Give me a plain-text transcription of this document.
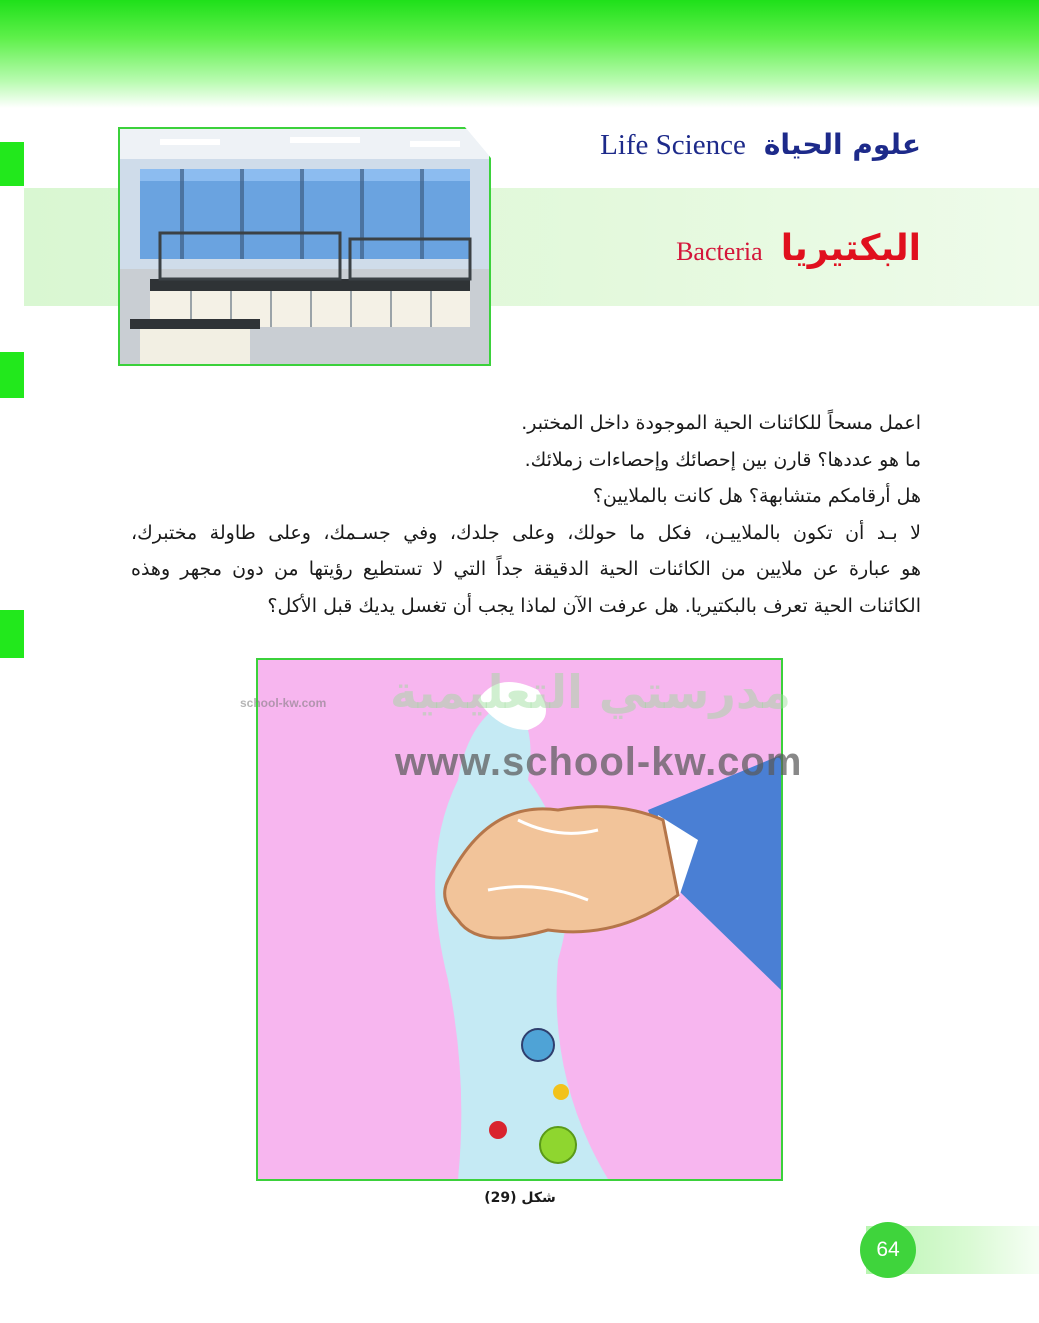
Life Science علوم الحياة
Bacteria البكتيريا

اعمل مسحاً للكائنات الحية الموجودة داخل المختبر.

ما هو عددها؟ قارن بين إحصائك وإحصاءات زملائك.

هل أرقامكم متشابهة؟ هل كانت بالملايين؟

لا بـد أن تكون بالملاييـن، فكل ما حولك، وعلى جلدك، وفي جسـمك، وعلى طاولة مختبرك،

هو عبارة عن ملايين من الكائنات الحية الدقيقة جداً التي لا تستطيع رؤيتها من دون مجهر وهذه

الكائنات الحية تعرف بالبكتيريا. هل عرفت الآن لماذا يجب أن تغسل يديك قبل الأكل؟

شكل (29)
مدرستي التعليمية
school-kw.com
www.school-kw.com
64
